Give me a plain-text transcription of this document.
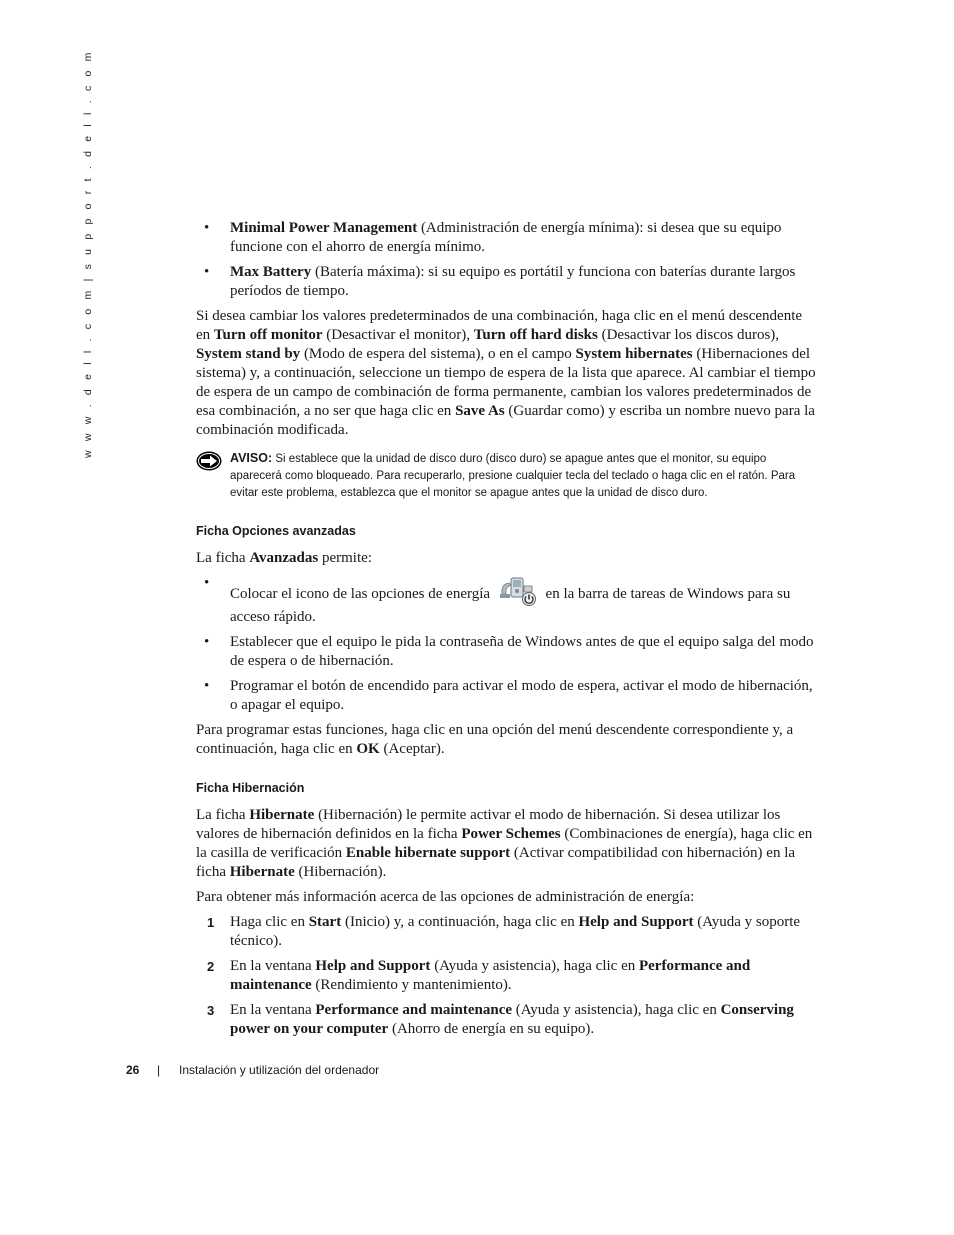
w w w . d e l l . c o m | s u p p o r t . d e l l . c o m	• Minimal Power Management (Administración de energía mínima): si desea que su equipo funcione con el ahorro de energía mínimo.
• Max Battery (Batería máxima): si su equipo es portátil y funciona con baterías durante largos períodos de tiempo.

Si desea cambiar los valores predeterminados de una combinación, haga clic en el menú descendente en Turn off monitor (Desactivar el monitor), Turn off hard disks (Desactivar los discos duros), System stand by (Modo de espera del sistema), o en el campo System hibernates (Hibernaciones del sistema) y, a continuación, seleccione un tiempo de espera de la lista que aparece. Al cambiar el tiempo de espera de un campo de combinación de forma permanente, cambian los valores predeterminados de esa combinación, a no ser que haga clic en Save As (Guardar como) y escriba un nombre nuevo para la combinación modificada.

AVISO: Si establece que la unidad de disco duro (disco duro) se apague antes que el monitor, su equipo aparecerá como bloqueado. Para recuperarlo, presione cualquier tecla del teclado o haga clic en el ratón. Para evitar este problema, establezca que el monitor se apague antes que la unidad de disco duro.
Ficha Opciones avanzadas

La ficha Avanzadas permite:

•
Colocar el icono de las opciones de energía	en la barra de tareas de Windows para su acceso rápido.
• Establecer que el equipo le pida la contraseña de Windows antes de que el equipo salga del modo de espera o de hibernación.
• Programar el botón de encendido para activar el modo de espera, activar el modo de hibernación, o apagar el equipo.

Para programar estas funciones, haga clic en una opción del menú descendente correspondiente y, a continuación, haga clic en OK (Aceptar).

Ficha Hibernación

La ficha Hibernate (Hibernación) le permite activar el modo de hibernación. Si desea utilizar los valores de hibernación definidos en la ficha Power Schemes (Combinaciones de energía), haga clic en la casilla de verificación Enable hibernate support (Activar compatibilidad con hibernación) en la ficha Hibernate (Hibernación).

Para obtener más información acerca de las opciones de administración de energía:

1 Haga clic en Start (Inicio) y, a continuación, haga clic en Help and Support (Ayuda y soporte técnico).
2 En la ventana Help and Support (Ayuda y asistencia), haga clic en Performance and maintenance (Rendimiento y mantenimiento).
3 En la ventana Performance and maintenance (Ayuda y asistencia), haga clic en Conserving power on your computer (Ahorro de energía en su equipo).
26 | Instalación y utilización del ordenador
